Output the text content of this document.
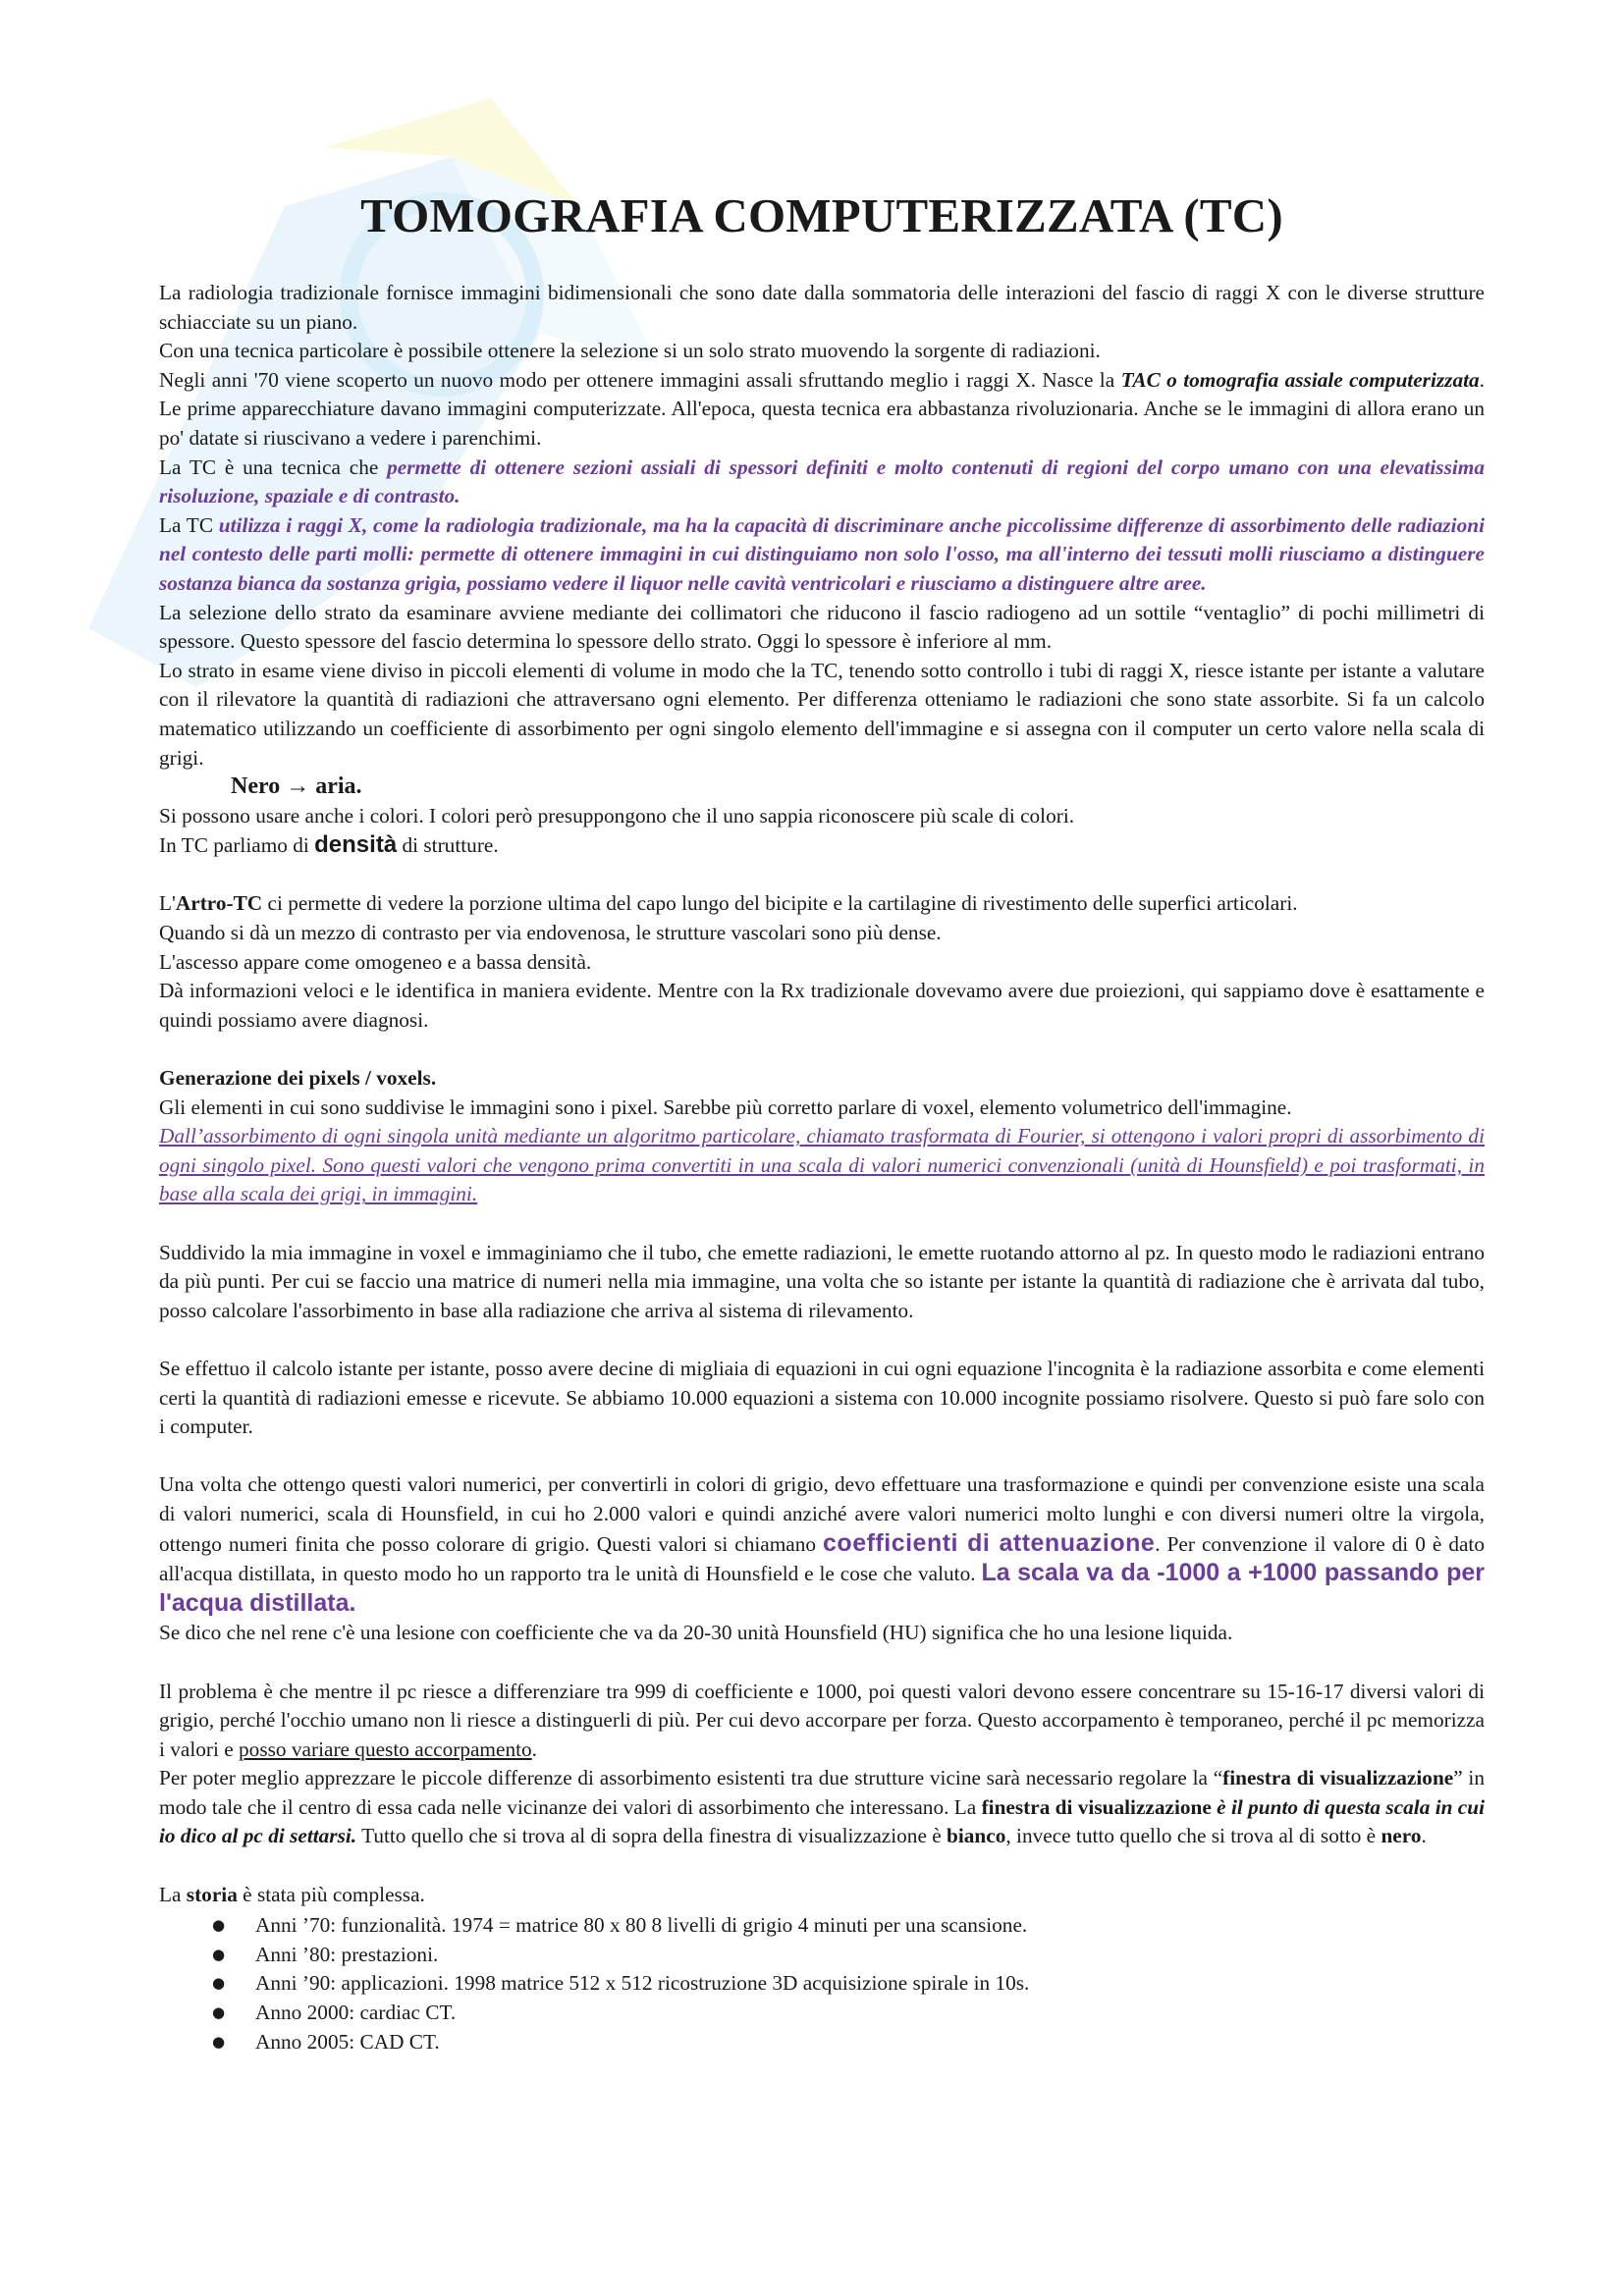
TOMOGRAFIA COMPUTERIZZATA (TC)

La radiologia tradizionale fornisce immagini bidimensionali che sono date dalla sommatoria delle interazioni del fascio di raggi X con le diverse strutture schiacciate su un piano.

Con una tecnica particolare è possibile ottenere la selezione si un solo strato muovendo la sorgente di radiazioni.

Negli anni '70 viene scoperto un nuovo modo per ottenere immagini assali sfruttando meglio i raggi X. Nasce la TAC o tomografia assiale computerizzata. Le prime apparecchiature davano immagini computerizzate. All'epoca, questa tecnica era abbastanza rivoluzionaria. Anche se le immagini di allora erano un po' datate si riuscivano a vedere i parenchimi.

La TC è una tecnica che permette di ottenere sezioni assiali di spessori definiti e molto contenuti di regioni del corpo umano con una elevatissima risoluzione, spaziale e di contrasto.

La TC utilizza i raggi X, come la radiologia tradizionale, ma ha la capacità di discriminare anche piccolissime differenze di assorbimento delle radiazioni nel contesto delle parti molli: permette di ottenere immagini in cui distinguiamo non solo l'osso, ma all'interno dei tessuti molli riusciamo a distinguere sostanza bianca da sostanza grigia, possiamo vedere il liquor nelle cavità ventricolari e riusciamo a distinguere altre aree.

La selezione dello strato da esaminare avviene mediante dei collimatori che riducono il fascio radiogeno ad un sottile “ventaglio” di pochi millimetri di spessore. Questo spessore del fascio determina lo spessore dello strato. Oggi lo spessore è inferiore al mm.

Lo strato in esame viene diviso in piccoli elementi di volume in modo che la TC, tenendo sotto controllo i tubi di raggi X, riesce istante per istante a valutare con il rilevatore la quantità di radiazioni che attraversano ogni elemento. Per differenza otteniamo le radiazioni che sono state assorbite. Si fa un calcolo matematico utilizzando un coefficiente di assorbimento per ogni singolo elemento dell'immagine e si assegna con il computer un certo valore nella scala di grigi.

Nero → aria.

Si possono usare anche i colori. I colori però presuppongono che il uno sappia riconoscere più scale di colori.

In TC parliamo di densità di strutture.

L'Artro-TC ci permette di vedere la porzione ultima del capo lungo del bicipite e la cartilagine di rivestimento delle superfici articolari.

Quando si dà un mezzo di contrasto per via endovenosa, le strutture vascolari sono più dense.

L'ascesso appare come omogeneo e a bassa densità.

Dà informazioni veloci e le identifica in maniera evidente. Mentre con la Rx tradizionale dovevamo avere due proiezioni, qui sappiamo dove è esattamente e quindi possiamo avere diagnosi.

Generazione dei pixels / voxels.

Gli elementi in cui sono suddivise le immagini sono i pixel. Sarebbe più corretto parlare di voxel, elemento volumetrico dell'immagine.

Dall’assorbimento di ogni singola unità mediante un algoritmo particolare, chiamato trasformata di Fourier, si ottengono i valori propri di assorbimento di ogni singolo pixel. Sono questi valori che vengono prima convertiti in una scala di valori numerici convenzionali (unità di Hounsfield) e poi trasformati, in base alla scala dei grigi, in immagini.

Suddivido la mia immagine in voxel e immaginiamo che il tubo, che emette radiazioni, le emette ruotando attorno al pz. In questo modo le radiazioni entrano da più punti. Per cui se faccio una matrice di numeri nella mia immagine, una volta che so istante per istante la quantità di radiazione che è arrivata dal tubo, posso calcolare l'assorbimento in base alla radiazione che arriva al sistema di rilevamento.

Se effettuo il calcolo istante per istante, posso avere decine di migliaia di equazioni in cui ogni equazione l'incognita è la radiazione assorbita e come elementi certi la quantità di radiazioni emesse e ricevute. Se abbiamo 10.000 equazioni a sistema con 10.000 incognite possiamo risolvere. Questo si può fare solo con i computer.

Una volta che ottengo questi valori numerici, per convertirli in colori di grigio, devo effettuare una trasformazione e quindi per convenzione esiste una scala di valori numerici, scala di Hounsfield, in cui ho 2.000 valori e quindi anziché avere valori numerici molto lunghi e con diversi numeri oltre la virgola, ottengo numeri finita che posso colorare di grigio. Questi valori si chiamano coefficienti di attenuazione. Per convenzione il valore di 0 è dato all'acqua distillata, in questo modo ho un rapporto tra le unità di Hounsfield e le cose che valuto. La scala va da -1000 a +1000 passando per l'acqua distillata.

Se dico che nel rene c'è una lesione con coefficiente che va da 20-30 unità Hounsfield (HU) significa che ho una lesione liquida.

Il problema è che mentre il pc riesce a differenziare tra 999 di coefficiente e 1000, poi questi valori devono essere concentrare su 15-16-17 diversi valori di grigio, perché l'occhio umano non li riesce a distinguerli di più. Per cui devo accorpare per forza. Questo accorpamento è temporaneo, perché il pc memorizza i valori e posso variare questo accorpamento.

Per poter meglio apprezzare le piccole differenze di assorbimento esistenti tra due strutture vicine sarà necessario regolare la “finestra di visualizzazione” in modo tale che il centro di essa cada nelle vicinanze dei valori di assorbimento che interessano. La finestra di visualizzazione è il punto di questa scala in cui io dico al pc di settarsi. Tutto quello che si trova al di sopra della finestra di visualizzazione è bianco, invece tutto quello che si trova al di sotto è nero.

La storia è stata più complessa.

● Anni ’70: funzionalità. 1974 = matrice 80 x 80 8 livelli di grigio 4 minuti per una scansione.
● Anni ’80: prestazioni.
● Anni ’90: applicazioni. 1998 matrice 512 x 512 ricostruzione 3D acquisizione spirale in 10s.
● Anno 2000: cardiac CT.
● Anno 2005: CAD CT.
